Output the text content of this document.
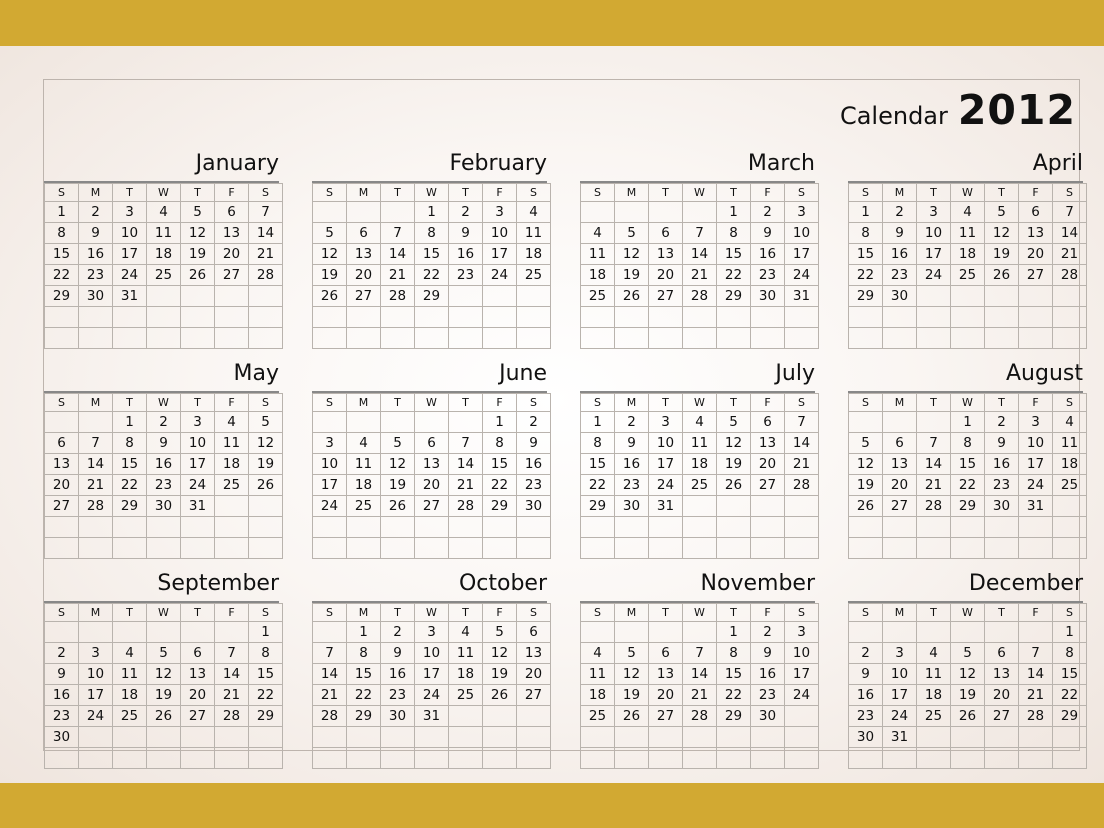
Calendar 2012
January
S	M	T	W	T	F	S
1	2	3	4	5	6	7
8	9	10	11	12	13	14
15	16	17	18	19	20	21
22	23	24	25	26	27	28
29	30	31				

February
S	M	T	W	T	F	S
			1	2	3	4
5	6	7	8	9	10	11
12	13	14	15	16	17	18
19	20	21	22	23	24	25
26	27	28	29			

March
S	M	T	W	T	F	S
				1	2	3
4	5	6	7	8	9	10
11	12	13	14	15	16	17
18	19	20	21	22	23	24
25	26	27	28	29	30	31

April
S	M	T	W	T	F	S
1	2	3	4	5	6	7
8	9	10	11	12	13	14
15	16	17	18	19	20	21
22	23	24	25	26	27	28
29	30					

May
S	M	T	W	T	F	S
		1	2	3	4	5
6	7	8	9	10	11	12
13	14	15	16	17	18	19
20	21	22	23	24	25	26
27	28	29	30	31		

June
S	M	T	W	T	F	S
					1	2
3	4	5	6	7	8	9
10	11	12	13	14	15	16
17	18	19	20	21	22	23
24	25	26	27	28	29	30

July
S	M	T	W	T	F	S
1	2	3	4	5	6	7
8	9	10	11	12	13	14
15	16	17	18	19	20	21
22	23	24	25	26	27	28
29	30	31				

August
S	M	T	W	T	F	S
			1	2	3	4
5	6	7	8	9	10	11
12	13	14	15	16	17	18
19	20	21	22	23	24	25
26	27	28	29	30	31	

September
S	M	T	W	T	F	S
						1
2	3	4	5	6	7	8
9	10	11	12	13	14	15
16	17	18	19	20	21	22
23	24	25	26	27	28	29
30						

October
S	M	T	W	T	F	S
	1	2	3	4	5	6
7	8	9	10	11	12	13
14	15	16	17	18	19	20
21	22	23	24	25	26	27
28	29	30	31			

November
S	M	T	W	T	F	S
				1	2	3
4	5	6	7	8	9	10
11	12	13	14	15	16	17
18	19	20	21	22	23	24
25	26	27	28	29	30	

December
S	M	T	W	T	F	S
						1
2	3	4	5	6	7	8
9	10	11	12	13	14	15
16	17	18	19	20	21	22
23	24	25	26	27	28	29
30	31					
